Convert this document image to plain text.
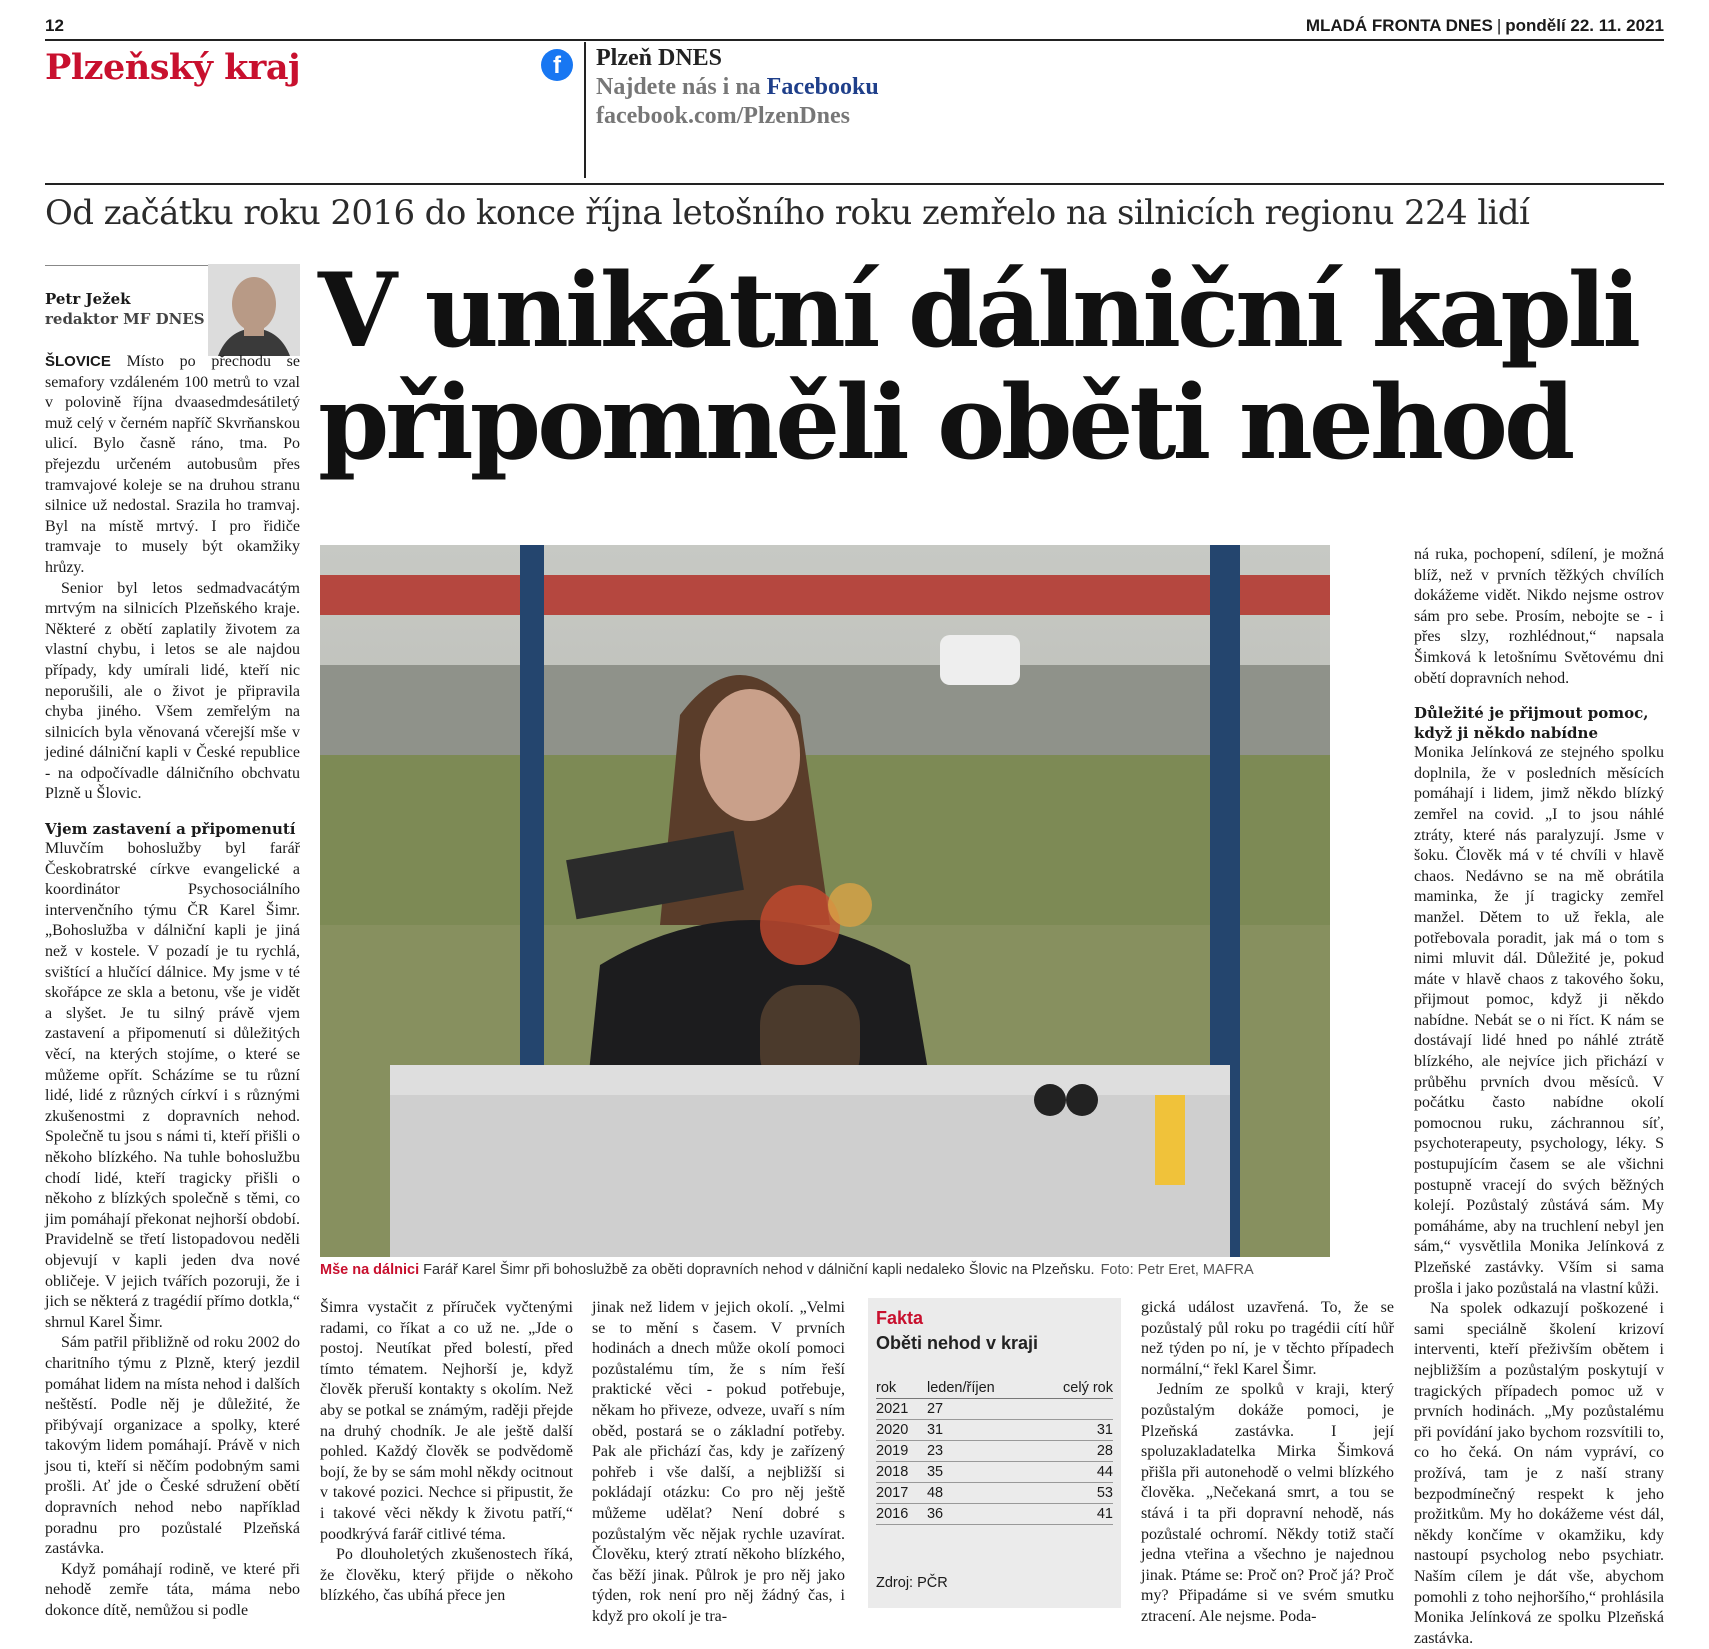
12	MLADÁ FRONTA DNES | pondělí 22. 11. 2021
Plzeňský kraj	f	Plzeň DNES
Najdete nás i na Facebooku
facebook.com/PlzenDnes
Od začátku roku 2016 do konce října letošního roku zemřelo na silnicích regionu 224 lidí
Petr Ježek
redaktor MF DNES V unikátní dálniční kapli
připomněli oběti nehod
Mše na dálnici Farář Karel Šimr při bohoslužbě za oběti dopravních nehod v dálniční kapli nedaleko Šlovic na Plzeňsku. Foto: Petr Eret, MAFRA

ŠLOVICE Místo po přechodu se semafory vzdáleném 100 metrů to vzal v polovině října dvaasedmdesátiletý muž celý v černém napříč Skvrňanskou ulicí. Bylo časně ráno, tma. Po přejezdu určeném autobusům přes tramvajové koleje se na druhou stranu silnice už nedostal. Srazila ho tramvaj. Byl na místě mrtvý. I pro řidiče tramvaje to musely být okamžiky hrůzy.

Senior byl letos sedmadvacátým mrtvým na silnicích Plzeňského kraje. Některé z obětí zaplatily životem za vlastní chybu, i letos se ale najdou případy, kdy umírali lidé, kteří nic neporušili, ale o život je připravila chyba jiného. Všem zemřelým na silnicích byla věnovaná včerejší mše v jediné dálniční kapli v České republice - na odpočívadle dálničního obchvatu Plzně u Šlovic.

Vjem zastavení a připomenutí

Mluvčím bohoslužby byl farář Českobratrské církve evangelické a koordinátor Psychosociálního intervenčního týmu ČR Karel Šimr. „Bohoslužba v dálniční kapli je jiná než v kostele. V pozadí je tu rychlá, svištící a hlučící dálnice. My jsme v té skořápce ze skla a betonu, vše je vidět a slyšet. Je tu silný právě vjem zastavení a připomenutí si důležitých věcí, na kterých stojíme, o které se můžeme opřít. Scházíme se tu různí lidé, lidé z různých církví i s různými zkušenostmi z dopravních nehod. Společně tu jsou s námi ti, kteří přišli o někoho blízkého. Na tuhle bohoslužbu chodí lidé, kteří tragicky přišli o někoho z blízkých společně s těmi, co jim pomáhají překonat nejhorší období. Pravidelně se třetí listopadovou neděli objevují v kapli jeden dva nové obličeje. V jejich tvářích pozoruji, že i jich se některá z tragédií přímo dotkla,“ shrnul Karel Šimr.

Sám patřil přibližně od roku 2002 do charitního týmu z Plzně, který jezdil pomáhat lidem na místa nehod i dalších neštěstí. Podle něj je důležité, že přibývají organizace a spolky, které takovým lidem pomáhají. Právě v nich jsou ti, kteří si něčím podobným sami prošli. Ať jde o České sdružení obětí dopravních nehod nebo například poradnu pro pozůstalé Plzeňská zastávka.

Když pomáhají rodině, ve které při nehodě zemře táta, máma nebo dokonce dítě, nemůžou si podle

Šimra vystačit z příruček vyčtenými radami, co říkat a co už ne. „Jde o postoj. Neutíkat před bolestí, před tímto tématem. Nejhorší je, když člověk přeruší kontakty s okolím. Než aby se potkal se známým, raději přejde na druhý chodník. Je ale ještě další pohled. Každý člověk se podvědomě bojí, že by se sám mohl někdy ocitnout v takové pozici. Nechce si připustit, že i takové věci někdy k životu patří,“ poodkrývá farář citlivé téma.

Po dlouholetých zkušenostech říká, že člověku, který přijde o někoho blízkého, čas ubíhá přece jen

jinak než lidem v jejich okolí. „Velmi se to mění s časem. V prvních hodinách a dnech může okolí pomoci pozůstalému tím, že s ním řeší praktické věci - pokud potřebuje, někam ho přiveze, odveze, uvaří s ním oběd, postará se o základní potřeby. Pak ale přichází čas, kdy je zařízený pohřeb i vše další, a nejbližší si pokládají otázku: Co pro něj ještě můžeme udělat? Není dobré s pozůstalým věc nějak rychle uzavírat. Člověku, který ztratí někoho blízkého, čas běží jinak. Půlrok je pro něj jako týden, rok není pro něj žádný čas, i když pro okolí je tra-

Fakta
Oběti nehod v kraji
rok	leden/říjen	celý rok
2021	27	
2020	31	31
2019	23	28
2018	35	44
2017	48	53
2016	36	41
Zdroj: PČR

gická událost uzavřená. To, že se pozůstalý půl roku po tragédii cítí hůř než týden po ní, je v těchto případech normální,“ řekl Karel Šimr.

Jedním ze spolků v kraji, který pozůstalým dokáže pomoci, je Plzeňská zastávka. I její spoluzakladatelka Mirka Šimková přišla při autonehodě o velmi blízkého člověka. „Nečekaná smrt, a tou se stává i ta při dopravní nehodě, nás pozůstalé ochromí. Někdy totiž stačí jedna vteřina a všechno je najednou jinak. Ptáme se: Proč on? Proč já? Proč my? Připadáme si ve svém smutku ztracení. Ale nejsme. Poda-

ná ruka, pochopení, sdílení, je možná blíž, než v prvních těžkých chvílích dokážeme vidět. Nikdo nejsme ostrov sám pro sebe. Prosím, nebojte se - i přes slzy, rozhlédnout,“ napsala Šimková k letošnímu Světovému dni obětí dopravních nehod.

Důležité je přijmout pomoc,
když ji někdo nabídne

Monika Jelínková ze stejného spolku doplnila, že v posledních měsících pomáhají i lidem, jimž někdo blízký zemřel na covid. „I to jsou náhlé ztráty, které nás paralyzují. Jsme v šoku. Člověk má v té chvíli v hlavě chaos. Nedávno se na mě obrátila maminka, že jí tragicky zemřel manžel. Dětem to už řekla, ale potřebovala poradit, jak má o tom s nimi mluvit dál. Důležité je, pokud máte v hlavě chaos z takového šoku, přijmout pomoc, když ji někdo nabídne. Nebát se o ni říct. K nám se dostávají lidé hned po náhlé ztrátě blízkého, ale nejvíce jich přichází v průběhu prvních dvou měsíců. V počátku často nabídne okolí pomocnou ruku, záchrannou síť, psychoterapeuty, psychology, léky. S postupujícím časem se ale všichni postupně vracejí do svých běžných kolejí. Pozůstalý zůstává sám. My pomáháme, aby na truchlení nebyl jen sám,“ vysvětlila Monika Jelínková z Plzeňské zastávky. Vším si sama prošla i jako pozůstalá na vlastní kůži.

Na spolek odkazují poškozené i sami speciálně školení krizoví interventi, kteří přeživším obětem i nejbližším a pozůstalým poskytují v tragických případech pomoc už v prvních hodinách. „My pozůstalému při povídání jako bychom rozsvítili to, co ho čeká. On nám vypráví, co prožívá, tam je z naší strany bezpodmínečný respekt k jeho prožitkům. My ho dokážeme vést dál, někdy končíme v okamžiku, kdy nastoupí psycholog nebo psychiatr. Naším cílem je dát vše, abychom pomohli z toho nejhoršího,“ prohlásila Monika Jelínková ze spolku Plzeňská zastávka.
